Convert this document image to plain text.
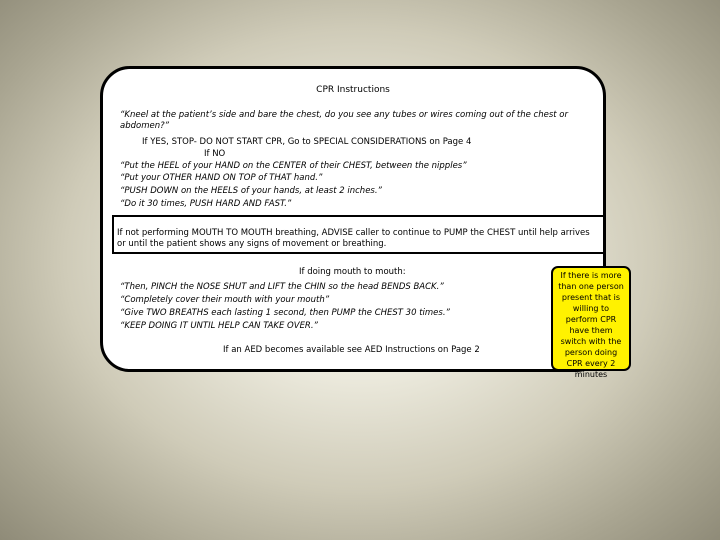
CPR Instructions
“Kneel at the patient’s side and bare the chest, do you see any tubes or wires coming out of the chest or abdomen?”
If YES, STOP- DO NOT START CPR, Go to SPECIAL CONSIDERATIONS on Page 4
If NO
“Put the HEEL of your HAND on the CENTER of their CHEST, between the nipples”
“Put your OTHER HAND ON TOP of THAT hand.”
“PUSH DOWN on the HEELS of your hands, at least 2 inches.”
“Do it 30 times, PUSH HARD AND FAST.”
If doing mouth to mouth:
“Then, PINCH the NOSE SHUT and LIFT the CHIN so the head BENDS BACK.”
“Completely cover their mouth with your mouth”
“Give TWO BREATHS each lasting 1 second, then PUMP the CHEST 30 times.”
“KEEP DOING IT UNTIL HELP CAN TAKE OVER.”
If an AED becomes available see AED Instructions on Page 2
If not performing MOUTH TO MOUTH breathing, ADVISE caller to continue to PUMP the CHEST until help arrives or until the patient shows any signs of movement or breathing.
If there is more than one person present that is willing to perform CPR have them switch with the person doing CPR every 2 minutes
